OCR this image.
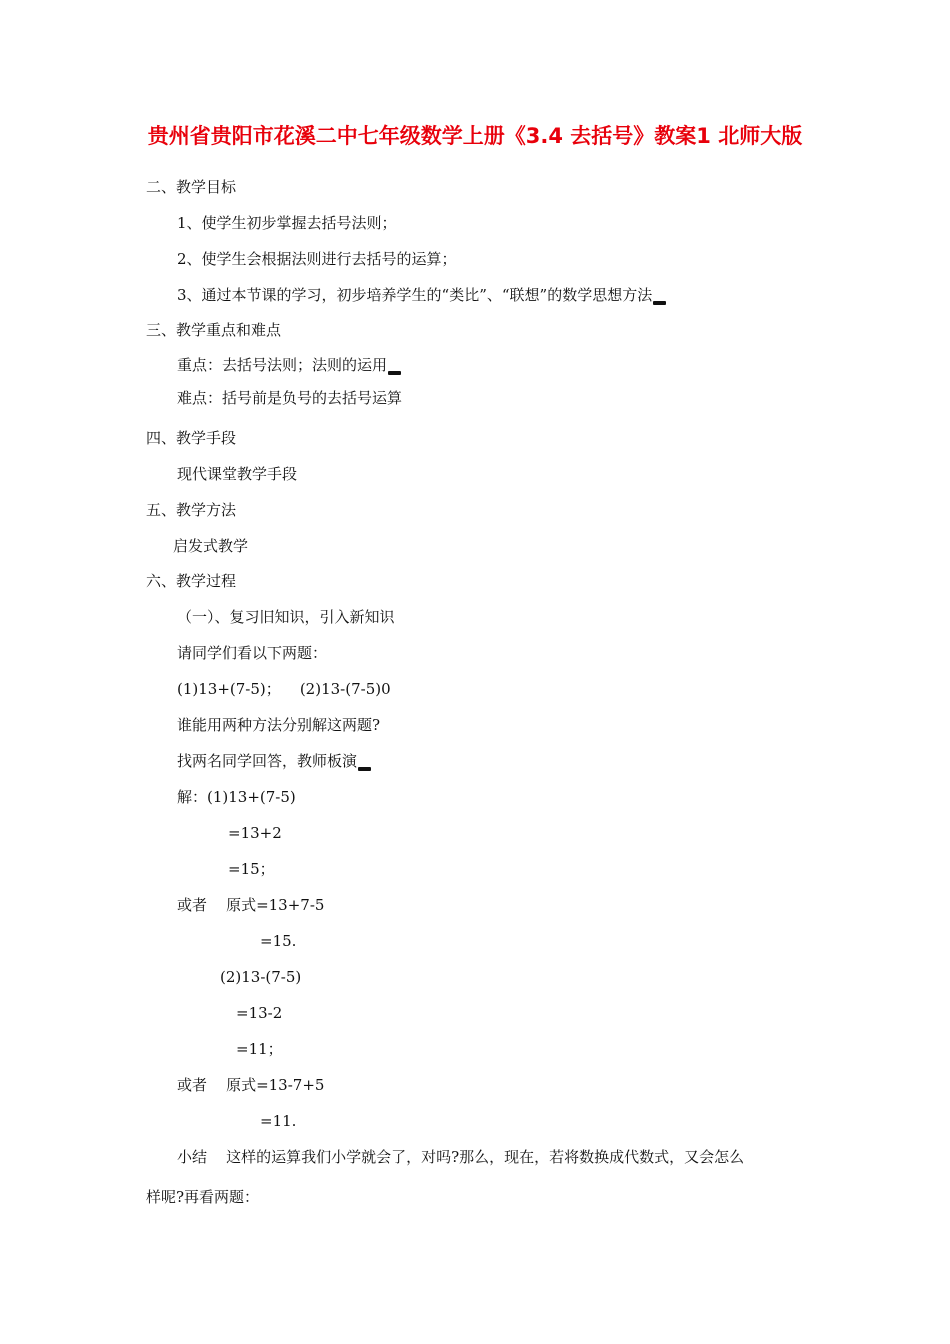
贵州省贵阳市花溪二中七年级数学上册《3.4 去括号》教案1 北师大版
二、教学目标
1、使学生初步掌握去括号法则；
2、使学生会根据法则进行去括号的运算；
3、通过本节课的学习，初步培养学生的“类比”、“联想”的数学思想方法
三、教学重点和难点
重点：去括号法则；法则的运用
难点：括号前是负号的去括号运算
四、教学手段
现代课堂教学手段
五、教学方法
启发式教学
六、教学过程
（一）、复习旧知识，引入新知识
请同学们看以下两题：
(1)13+(7-5)；    (2)13-(7-5)0
谁能用两种方法分别解这两题?
找两名同学回答，教师板演
解：(1)13+(7-5)
=13+2
=15；
或者    原式=13+7-5
=15.
(2)13-(7-5)
=13-2
=11；
或者    原式=13-7+5
=11.
小结    这样的运算我们小学就会了，对吗?那么，现在，若将数换成代数式，又会怎么
样呢?再看两题：
